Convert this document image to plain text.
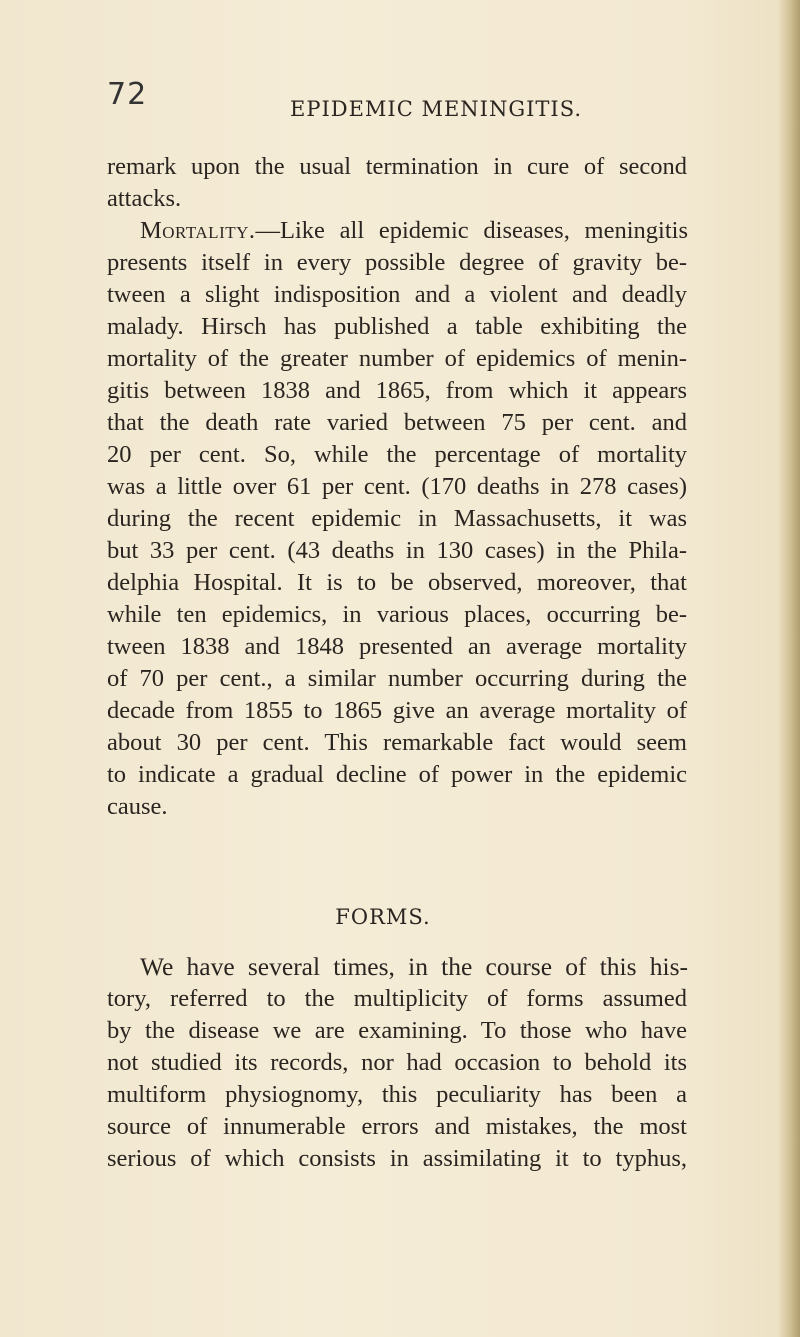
72	EPIDEMIC MENINGITIS.
remark upon the usual termination in cure of second
attacks.
Mortality.—Like all epidemic diseases, meningitis
presents itself in every possible degree of gravity be-
tween a slight indisposition and a violent and deadly
malady. Hirsch has published a table exhibiting the
mortality of the greater number of epidemics of menin-
gitis between 1838 and 1865, from which it appears
that the death rate varied between 75 per cent. and
20 per cent. So, while the percentage of mortality
was a little over 61 per cent. (170 deaths in 278 cases)
during the recent epidemic in Massachusetts, it was
but 33 per cent. (43 deaths in 130 cases) in the Phila-
delphia Hospital. It is to be observed, moreover, that
while ten epidemics, in various places, occurring be-
tween 1838 and 1848 presented an average mortality
of 70 per cent., a similar number occurring during the
decade from 1855 to 1865 give an average mortality of
about 30 per cent. This remarkable fact would seem
to indicate a gradual decline of power in the epidemic
cause.
FORMS.
We have several times, in the course of this his-
tory, referred to the multiplicity of forms assumed
by the disease we are examining. To those who have
not studied its records, nor had occasion to behold its
multiform physiognomy, this peculiarity has been a
source of innumerable errors and mistakes, the most
serious of which consists in assimilating it to typhus,
